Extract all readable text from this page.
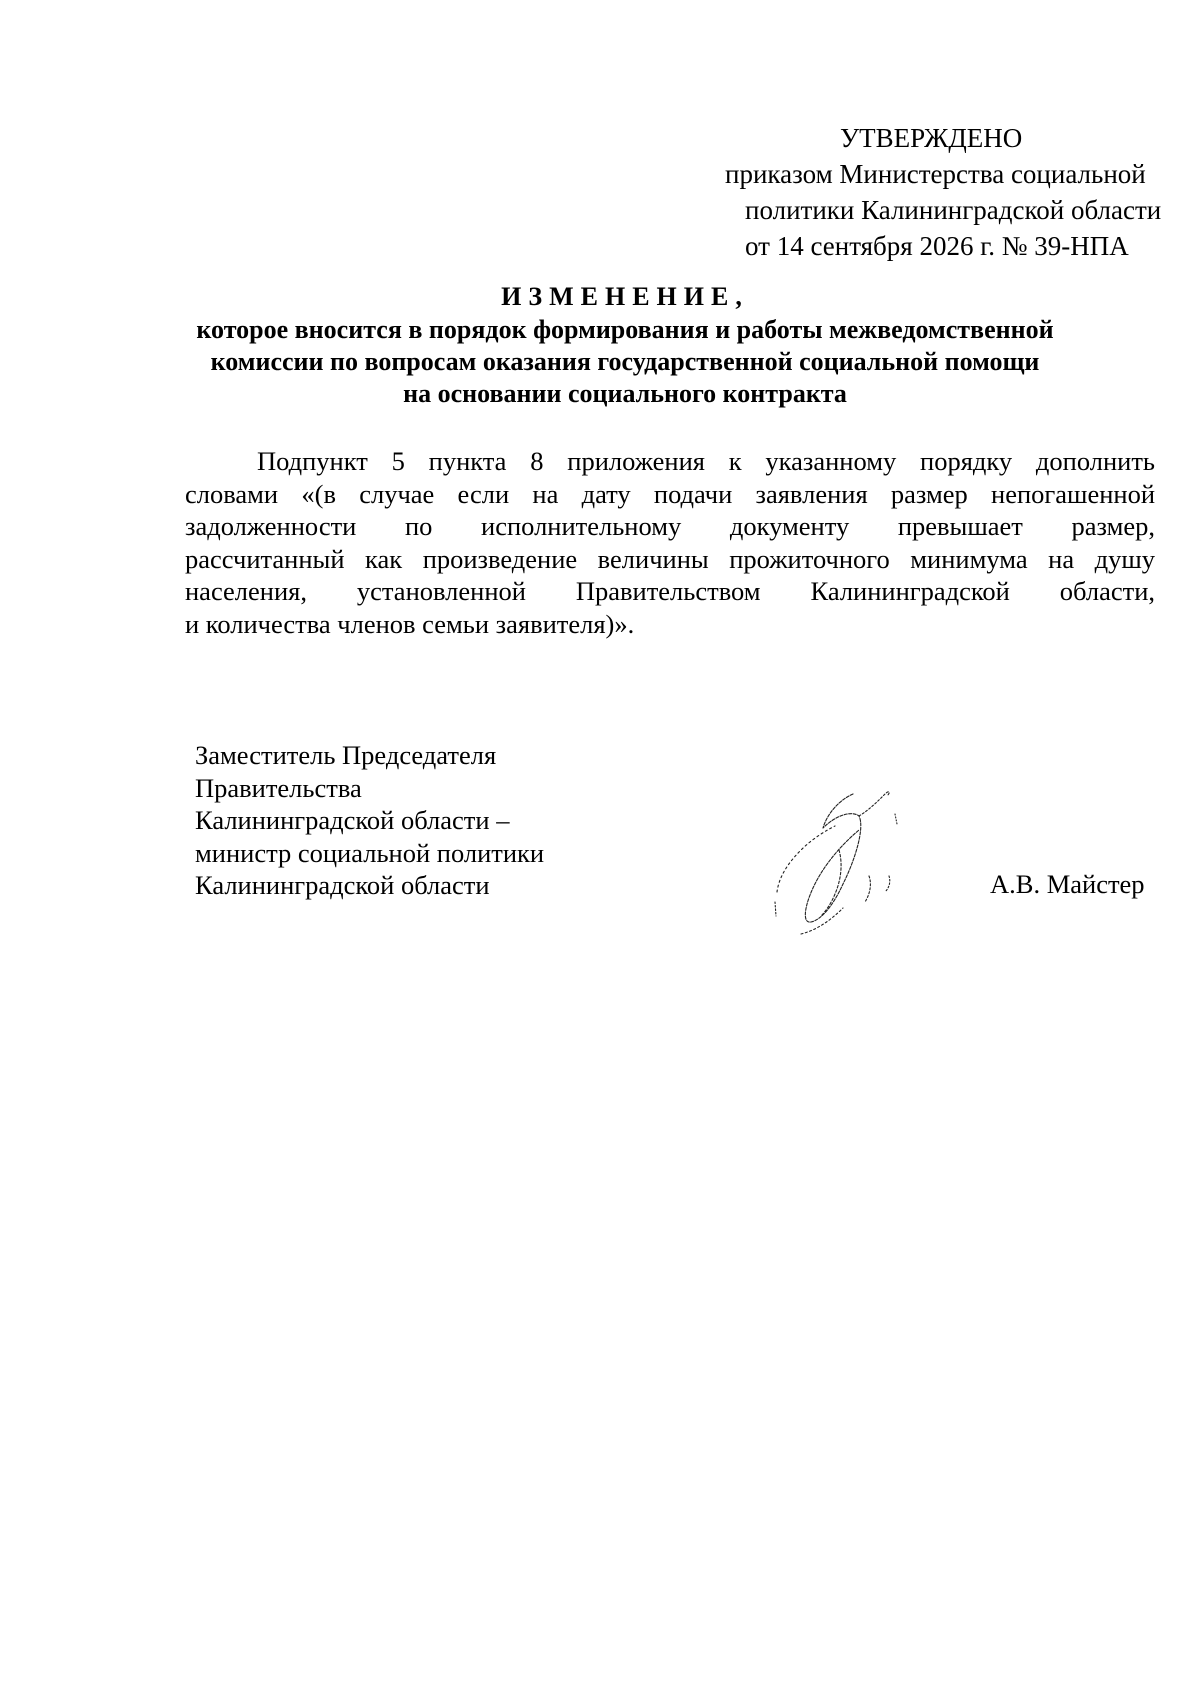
УТВЕРЖДЕНО
приказом Министерства социальной
политики Калининградской области
от 14 сентября 2026 г. № 39-НПА
ИЗМЕНЕНИЕ,
которое вносится в порядок формирования и работы межведомственной
комиссии по вопросам оказания государственной социальной помощи
на основании социального контракта
Подпункт 5 пункта 8 приложения к указанному порядку дополнить
словами «(в случае если на дату подачи заявления размер непогашенной
задолженности по исполнительному документу превышает размер,
рассчитанный как произведение величины прожиточного минимума на душу
населения, установленной Правительством Калининградской области,
и количества членов семьи заявителя)».
Заместитель Председателя
Правительства
Калининградской области –
министр социальной политики
Калининградской области	А.В. Майстер
